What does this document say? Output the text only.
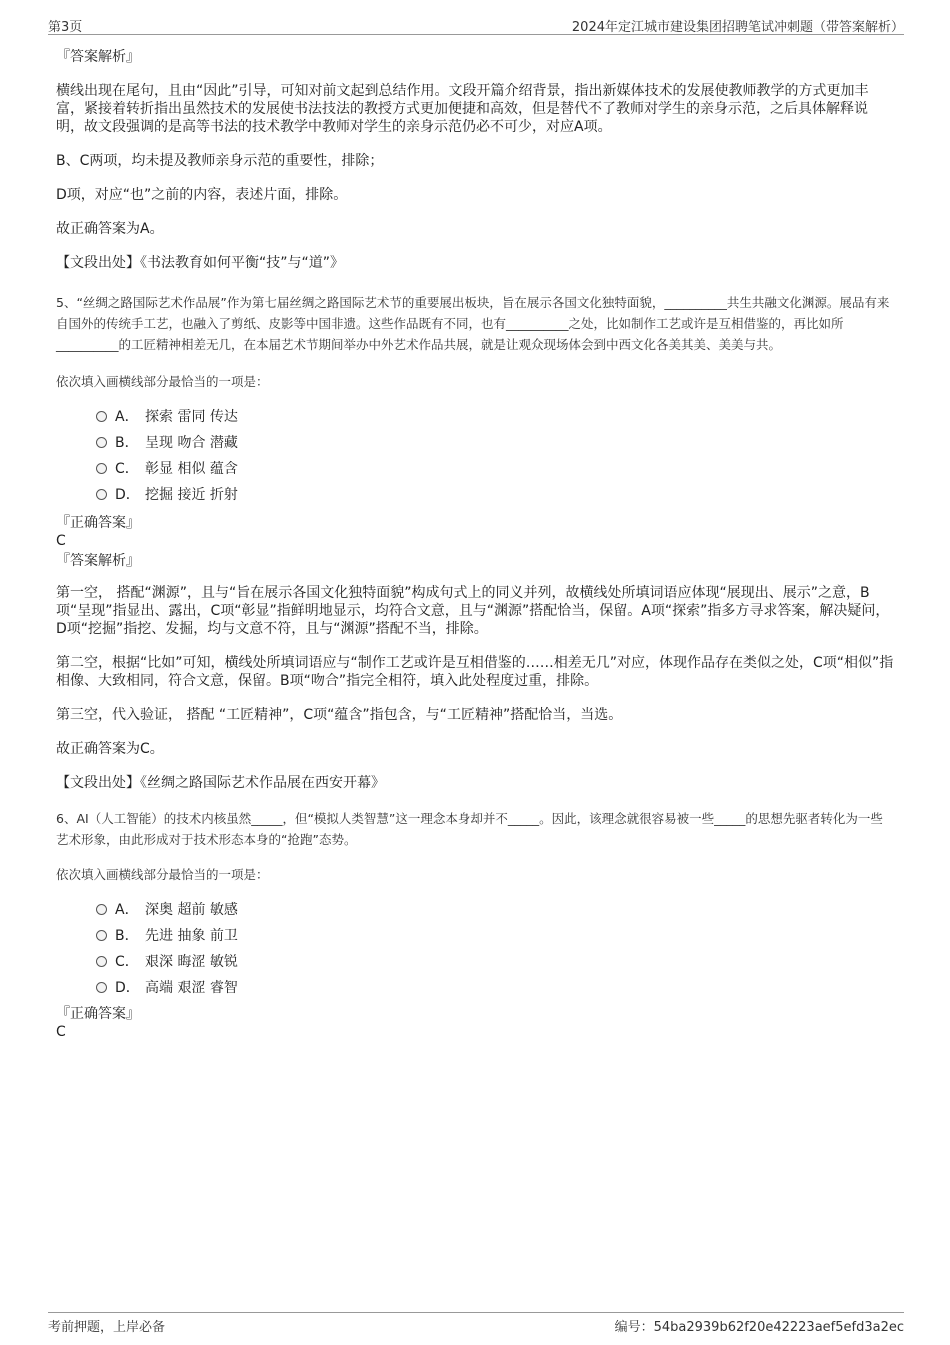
第3页	2024年定江城市建设集团招聘笔试冲刺题（带答案解析）

『答案解析』

横线出现在尾句，且由“因此”引导，可知对前文起到总结作用。文段开篇介绍背景，指出新媒体技术的发展使教师教学的方式更加丰富，紧接着转折指出虽然技术的发展使书法技法的教授方式更加便捷和高效，但是替代不了教师对学生的亲身示范，之后具体解释说明，故文段强调的是高等书法的技术教学中教师对学生的亲身示范仍必不可少，对应A项。

B、C两项，均未提及教师亲身示范的重要性，排除；

D项，对应“也”之前的内容，表述片面，排除。

故正确答案为A。

【文段出处】《书法教育如何平衡“技”与“道”》

5、“丝绸之路国际艺术作品展”作为第七届丝绸之路国际艺术节的重要展出板块，旨在展示各国文化独特面貌，__________共生共融文化渊源。展品有来自国外的传统手工艺，也融入了剪纸、皮影等中国非遗。这些作品既有不同，也有__________之处，比如制作工艺或许是互相借鉴的，再比如所__________的工匠精神相差无几，在本届艺术节期间举办中外艺术作品共展，就是让观众现场体会到中西文化各美其美、美美与共。

依次填入画横线部分最恰当的一项是：

A． 探索 雷同 传达
B． 呈现 吻合 潜藏
C． 彰显 相似 蕴含
D． 挖掘 接近 折射

『正确答案』

C

『答案解析』

第一空， 搭配“渊源”，且与“旨在展示各国文化独特面貌”构成句式上的同义并列，故横线处所填词语应体现“展现出、展示”之意，B项“呈现”指显出、露出，C项“彰显”指鲜明地显示，均符合文意，且与“渊源”搭配恰当，保留。A项“探索”指多方寻求答案，解决疑问，D项“挖掘”指挖、发掘，均与文意不符，且与“渊源”搭配不当，排除。

第二空，根据“比如”可知，横线处所填词语应与“制作工艺或许是互相借鉴的……相差无几”对应，体现作品存在类似之处，C项“相似”指相像、大致相同，符合文意，保留。B项“吻合”指完全相符，填入此处程度过重，排除。

第三空，代入验证， 搭配 “工匠精神”，C项“蕴含”指包含，与“工匠精神”搭配恰当，当选。

故正确答案为C。

【文段出处】《丝绸之路国际艺术作品展在西安开幕》

6、AI（人工智能）的技术内核虽然_____，但“模拟人类智慧”这一理念本身却并不_____。因此，该理念就很容易被一些_____的思想先驱者转化为一些艺术形象，由此形成对于技术形态本身的“抢跑”态势。

依次填入画横线部分最恰当的一项是：

A． 深奥 超前 敏感
B． 先进 抽象 前卫
C． 艰深 晦涩 敏锐
D． 高端 艰涩 睿智

『正确答案』

C

考前押题，上岸必备	编号：54ba2939b62f20e42223aef5efd3a2ec
